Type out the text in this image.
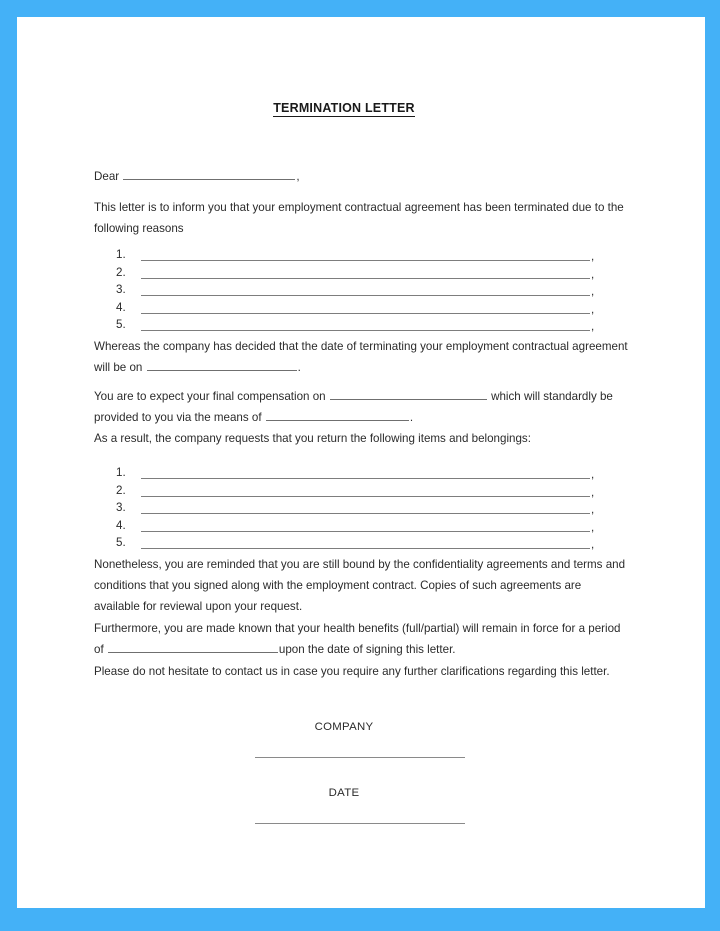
TERMINATION LETTER
Dear	,
This letter is to inform you that your employment contractual agreement has been terminated due to the following reasons
1.	,
2.	,
3.	,
4.	,
5.	,
Whereas the company has decided that the date of terminating your employment contractual agreement will be on	.
You are to expect your final compensation on	which will standardly be provided to you via the means of	.
As a result, the company requests that you return the following items and belongings:
1.	,
2.	,
3.	,
4.	,
5.	,
Nonetheless, you are reminded that you are still bound by the confidentiality agreements and terms and conditions that you signed along with the employment contract. Copies of such agreements are available for reviewal upon your request.
Furthermore, you are made known that your health benefits (full/partial) will remain in force for a period of	upon the date of signing this letter.
Please do not hesitate to contact us in case you require any further clarifications regarding this letter.
COMPANY
DATE
